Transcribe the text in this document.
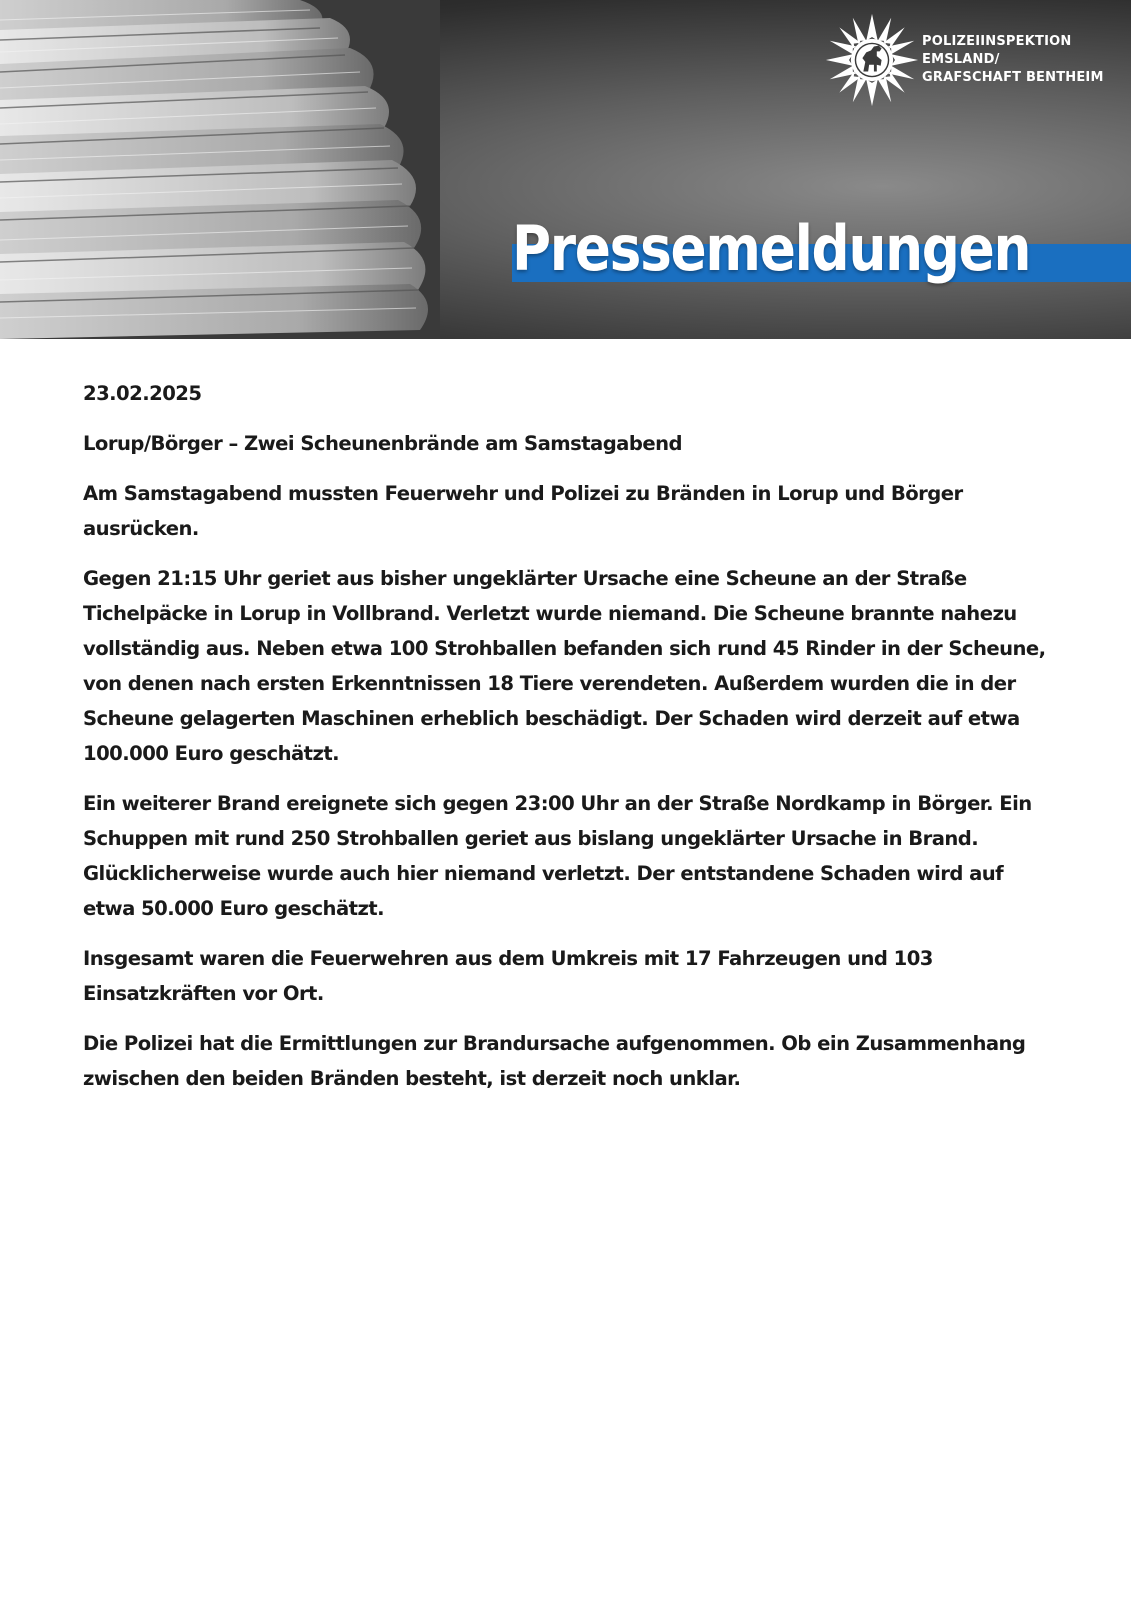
Pressemeldungen
POLIZEIINSPEKTION
EMSLAND/
GRAFSCHAFT BENTHEIM

23.02.2025

Lorup/Börger – Zwei Scheunenbrände am Samstagabend

Am Samstagabend mussten Feuerwehr und Polizei zu Bränden in Lorup und Börger ausrücken.

Gegen 21:15 Uhr geriet aus bisher ungeklärter Ursache eine Scheune an der Straße Tichelpäcke in Lorup in Vollbrand. Verletzt wurde niemand. Die Scheune brannte nahezu vollständig aus. Neben etwa 100 Strohballen befanden sich rund 45 Rinder in der Scheune, von denen nach ersten Erkenntnissen 18 Tiere verendeten. Außerdem wurden die in der Scheune gelagerten Maschinen erheblich beschädigt. Der Schaden wird derzeit auf etwa 100.000 Euro geschätzt.

Ein weiterer Brand ereignete sich gegen 23:00 Uhr an der Straße Nordkamp in Börger. Ein Schuppen mit rund 250 Strohballen geriet aus bislang ungeklärter Ursache in Brand. Glücklicherweise wurde auch hier niemand verletzt. Der entstandene Schaden wird auf etwa 50.000 Euro geschätzt.

Insgesamt waren die Feuerwehren aus dem Umkreis mit 17 Fahrzeugen und 103 Einsatzkräften vor Ort.

Die Polizei hat die Ermittlungen zur Brandursache aufgenommen. Ob ein Zusammenhang zwischen den beiden Bränden besteht, ist derzeit noch unklar.
